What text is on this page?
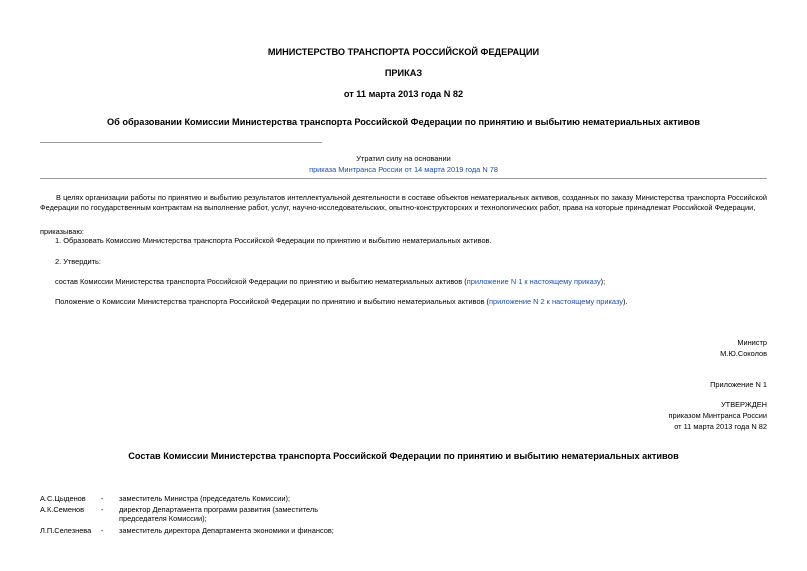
МИНИСТЕРСТВО ТРАНСПОРТА РОССИЙСКОЙ ФЕДЕРАЦИИ
ПРИКАЗ
от 11 марта 2013 года N 82
Об образовании Комиссии Министерства транспорта Российской Федерации по принятию и выбытию нематериальных активов
Утратил силу на основании
приказа Минтранса России от 14 марта 2019 года N 78
В целях организации работы по принятию и выбытию результатов интеллектуальной деятельности в составе объектов нематериальных активов, созданных по заказу Министерства транспорта Российской Федерации по государственным контрактам на выполнение работ, услуг, научно-исследовательских, опытно-конструкторских и технологических работ, права на которые принадлежат Российской Федерации,
приказываю:
1. Образовать Комиссию Министерства транспорта Российской Федерации по принятию и выбытию нематериальных активов.
2. Утвердить:
состав Комиссии Министерства транспорта Российской Федерации по принятию и выбытию нематериальных активов (приложение N 1 к настоящему приказу);
Положение о Комиссии Министерства транспорта Российской Федерации по принятию и выбытию нематериальных активов (приложение N 2 к настоящему приказу).
Министр
М.Ю.Соколов
Приложение N 1
УТВЕРЖДЕН
приказом Минтранса России
от 11 марта 2013 года N 82
Состав Комиссии Министерства транспорта Российской Федерации по принятию и выбытию нематериальных активов
А.С.Цыденов - заместитель Министра (председатель Комиссии);
А.К.Семенов - директор Департамента программ развития (заместитель председателя Комиссии);
Л.П.Селезнева - заместитель директора Департамента экономики и финансов;
